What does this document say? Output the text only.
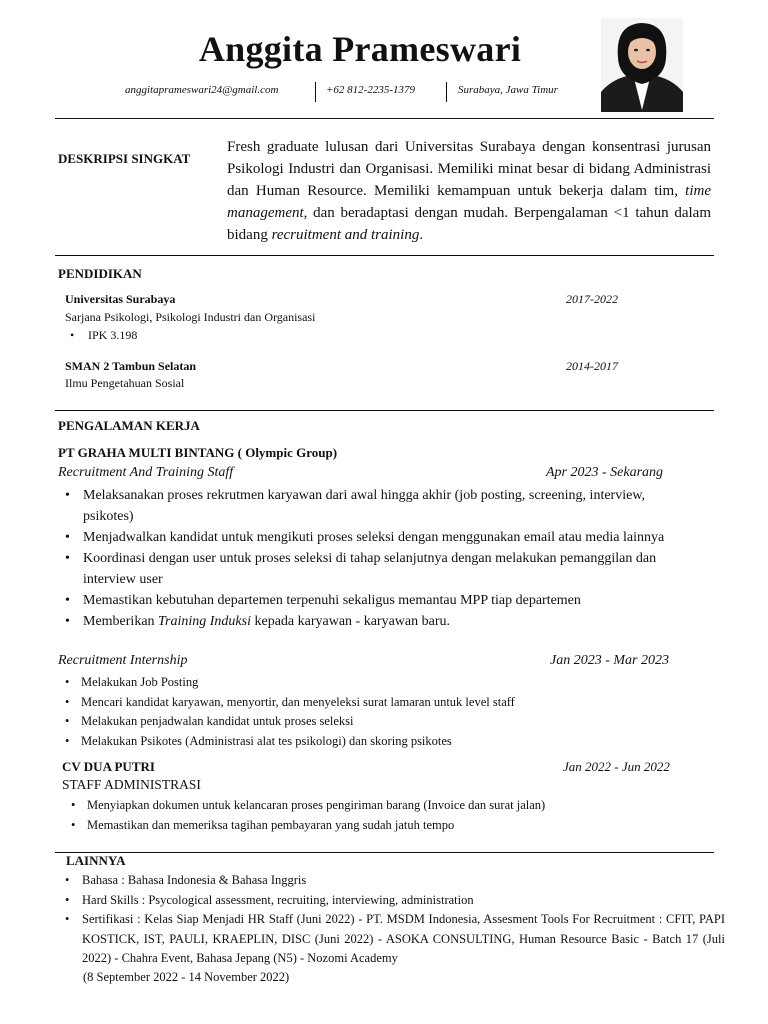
Anggita Prameswari
anggitaprameswari24@gmail.com	+62 812-2235-1379	Surabaya, Jawa Timur
DESKRIPSI SINGKAT
Fresh graduate lulusan dari Universitas Surabaya dengan konsentrasi jurusan Psikologi Industri dan Organisasi. Memiliki minat besar di bidang Administrasi dan Human Resource. Memiliki kemampuan untuk bekerja dalam tim, time management, dan beradaptasi dengan mudah. Berpengalaman <1 tahun dalam bidang recruitment and training.
PENDIDIKAN
Universitas Surabaya	2017-2022
Sarjana Psikologi, Psikologi Industri dan Organisasi
• IPK 3.198
SMAN 2 Tambun Selatan	2014-2017
Ilmu Pengetahuan Sosial
PENGALAMAN KERJA
PT GRAHA MULTI BINTANG ( Olympic Group)
Recruitment And Training Staff	Apr 2023 - Sekarang
• Melaksanakan proses rekrutmen karyawan dari awal hingga akhir (job posting, screening, interview, psikotes)
• Menjadwalkan kandidat untuk mengikuti proses seleksi dengan menggunakan email atau media lainnya
• Koordinasi dengan user untuk proses seleksi di tahap selanjutnya dengan melakukan pemanggilan dan interview user
• Memastikan kebutuhan departemen terpenuhi sekaligus memantau MPP tiap departemen
• Memberikan Training Induksi kepada karyawan - karyawan baru.
Recruitment Internship	Jan 2023 - Mar 2023
• Melakukan Job Posting
• Mencari kandidat karyawan, menyortir, dan menyeleksi surat lamaran untuk level staff
• Melakukan penjadwalan kandidat untuk proses seleksi
• Melakukan Psikotes (Administrasi alat tes psikologi) dan skoring psikotes
CV DUA PUTRI	Jan 2022 - Jun 2022
STAFF ADMINISTRASI
• Menyiapkan dokumen untuk kelancaran proses pengiriman barang (Invoice dan surat jalan)
• Memastikan dan memeriksa tagihan pembayaran yang sudah jatuh tempo
LAINNYA
• Bahasa : Bahasa Indonesia & Bahasa Inggris
• Hard Skills : Psycological assessment, recruiting, interviewing, administration
• Sertifikasi : Kelas Siap Menjadi HR Staff (Juni 2022) - PT. MSDM Indonesia, Assesment Tools For Recruitment : CFIT, PAPI KOSTICK, IST, PAULI, KRAEPLIN, DISC (Juni 2022) - ASOKA CONSULTING, Human Resource Basic - Batch 17 (Juli 2022) - Chahra Event, Bahasa Jepang (N5) - Nozomi Academy
(8 September 2022 - 14 November 2022)
